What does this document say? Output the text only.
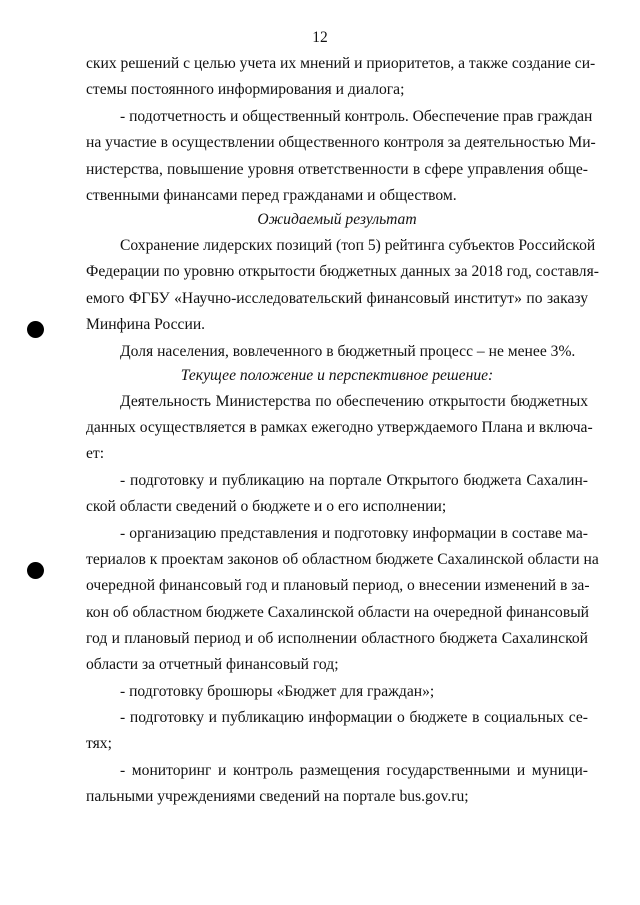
12
ских решений с целью учета их мнений и приоритетов, а также создание си-
стемы постоянного информирования и диалога;
- подотчетность и общественный контроль. Обеспечение прав граждан
на участие в осуществлении общественного контроля за деятельностью Ми-
нистерства, повышение уровня ответственности в сфере управления обще-
ственными финансами перед гражданами и обществом.
Ожидаемый результат
Сохранение лидерских позиций (топ 5) рейтинга субъектов Российской
Федерации по уровню открытости бюджетных данных за 2018 год, составля-
емого ФГБУ «Научно-исследовательский финансовый институт» по заказу
Минфина России.
Доля населения, вовлеченного в бюджетный процесс – не менее 3%.
Текущее положение и перспективное решение:
Деятельность Министерства по обеспечению открытости бюджетных
данных осуществляется в рамках ежегодно утверждаемого Плана и включа-
ет:
- подготовку и публикацию на портале Открытого бюджета Сахалин-
ской области сведений о бюджете и о его исполнении;
- организацию представления и подготовку информации в составе ма-
териалов к проектам законов об областном бюджете Сахалинской области на
очередной финансовый год и плановый период, о внесении изменений в за-
кон об областном бюджете Сахалинской области на очередной финансовый
год и плановый период и об исполнении областного бюджета Сахалинской
области за отчетный финансовый год;
- подготовку брошюры «Бюджет для граждан»;
- подготовку и публикацию информации о бюджете в социальных се-
тях;
- мониторинг и контроль размещения государственными и муници-
пальными учреждениями сведений на портале bus.gov.ru;
